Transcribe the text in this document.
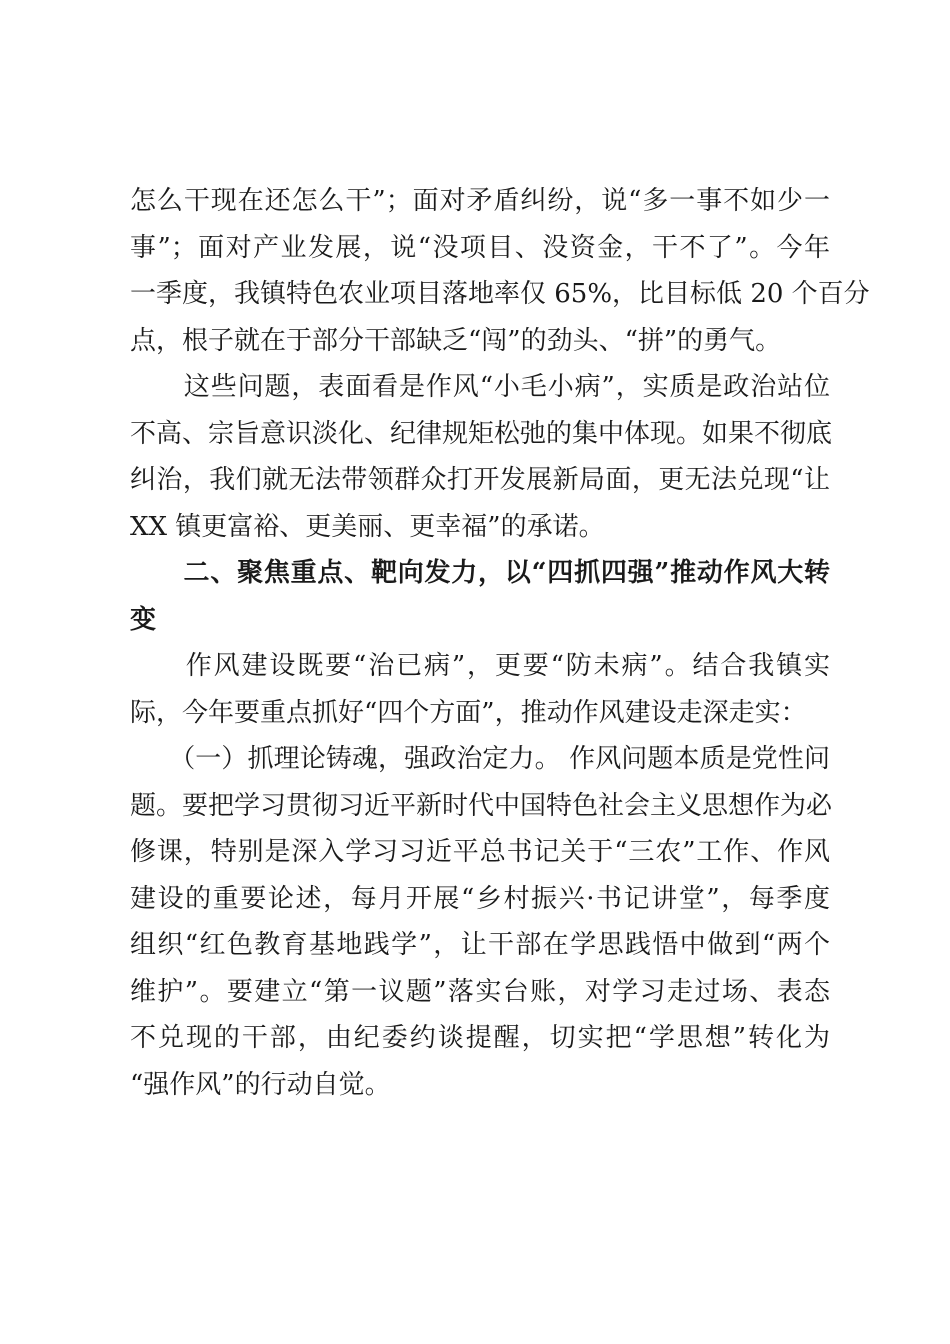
怎么干现在还怎么干”；面对矛盾纠纷，说“多一事不如少一
事”；面对产业发展，说“没项目、没资金，干不了”。今年
一季度，我镇特色农业项目落地率仅 65%，比目标低 20 个百分
点，根子就在于部分干部缺乏“闯”的劲头、“拼”的勇气。
　　这些问题，表面看是作风“小毛小病”，实质是政治站位
不高、宗旨意识淡化、纪律规矩松弛的集中体现。如果不彻底
纠治，我们就无法带领群众打开发展新局面，更无法兑现“让
XX 镇更富裕、更美丽、更幸福”的承诺。
　　二、聚焦重点、靶向发力，以“四抓四强”推动作风大转
变
　　作风建设既要“治已病”，更要“防未病”。结合我镇实
际，今年要重点抓好“四个方面”，推动作风建设走深走实：
　　（一）抓理论铸魂，强政治定力。 作风问题本质是党性问
题。要把学习贯彻习近平新时代中国特色社会主义思想作为必
修课，特别是深入学习习近平总书记关于“三农”工作、作风
建设的重要论述，每月开展“乡村振兴·书记讲堂”，每季度
组织“红色教育基地践学”，让干部在学思践悟中做到“两个
维护”。要建立“第一议题”落实台账，对学习走过场、表态
不兑现的干部，由纪委约谈提醒，切实把“学思想”转化为
“强作风”的行动自觉。
